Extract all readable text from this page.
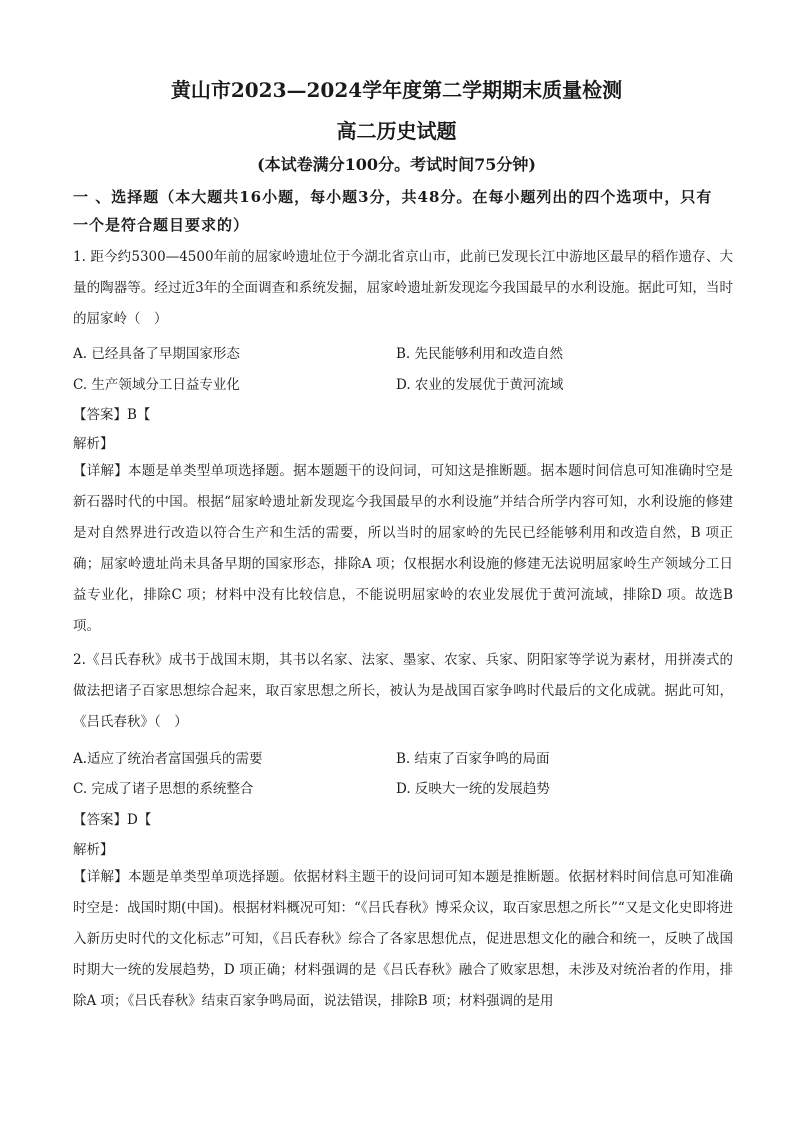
黄山市2023—2024学年度第二学期期末质量检测
高二历史试题
(本试卷满分100分。考试时间75分钟)
一 、选择题（本大题共16小题，每小题3分，共48分。在每小题列出的四个选项中，只有
一个是符合题目要求的）
1. 距今约5300—4500年前的屈家岭遗址位于今湖北省京山市，此前已发现长江中游地区最早的稻作遗存、大量的陶器等。经过近3年的全面调查和系统发掘，屈家岭遗址新发现迄今我国最早的水利设施。据此可知，当时的屈家岭（　）
A. 已经具备了早期国家形态	B. 先民能够利用和改造自然
C. 生产领域分工日益专业化	D. 农业的发展优于黄河流域
【答案】B【
解析】
【详解】本题是单类型单项选择题。据本题题干的设问词，可知这是推断题。据本题时间信息可知准确时空是新石器时代的中国。根据“屈家岭遗址新发现迄今我国最早的水利设施”并结合所学内容可知，水利设施的修建是对自然界进行改造以符合生产和生活的需要，所以当时的屈家岭的先民已经能够利用和改造自然，B 项正确；屈家岭遗址尚未具备早期的国家形态，排除A 项；仅根据水利设施的修建无法说明屈家岭生产领域分工日益专业化，排除C 项；材料中没有比较信息，不能说明屈家岭的农业发展优于黄河流域，排除D 项。故选B 项。
2.《吕氏春秋》成书于战国末期，其书以名家、法家、墨家、农家、兵家、阴阳家等学说为素材，用拼凑式的做法把诸子百家思想综合起来，取百家思想之所长，被认为是战国百家争鸣时代最后的文化成就。据此可知，《吕氏春秋》（　）
A.适应了统治者富国强兵的需要	B. 结束了百家争鸣的局面
C. 完成了诸子思想的系统整合	D. 反映大一统的发展趋势
【答案】D【
解析】
【详解】本题是单类型单项选择题。依据材料主题干的设问词可知本题是推断题。依据材料时间信息可知准确时空是：战国时期(中国)。根据材料概况可知：“《吕氏春秋》博采众议，取百家思想之所长”“又是文化史即将进入新历史时代的文化标志”可知，《吕氏春秋》综合了各家思想优点，促进思想文化的融合和统一，反映了战国时期大一统的发展趋势，D 项正确；材料强调的是《吕氏春秋》融合了败家思想，未涉及对统治者的作用，排除A 项；《吕氏春秋》结束百家争鸣局面，说法错误，排除B 项；材料强调的是用
